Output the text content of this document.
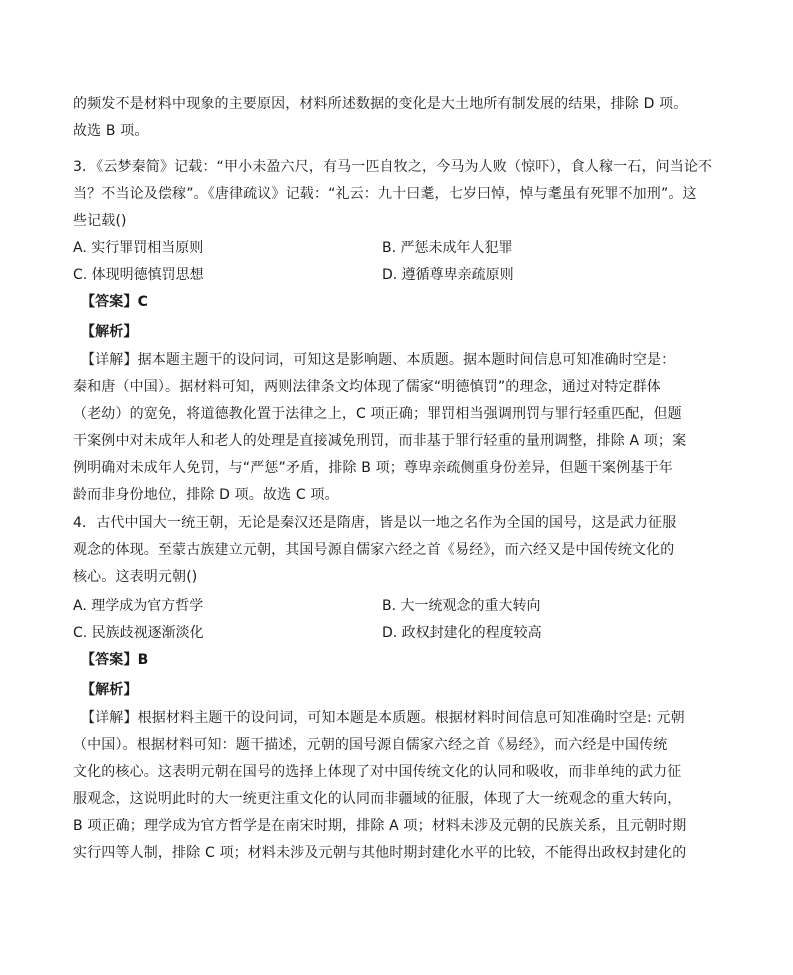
的频发不是材料中现象的主要原因，材料所述数据的变化是大土地所有制发展的结果，排除 D 项。
故选 B 项。
3．《云梦秦简》记载：“甲小未盈六尺，有马一匹自牧之，今马为人败（惊吓），食人稼一石，问当论不
当？不当论及偿稼”。《唐律疏议》记载：“礼云：九十曰耄，七岁曰悼，悼与耄虽有死罪不加刑”。这
些记载()
A. 实行罪罚相当原则	B. 严惩未成年人犯罪
C. 体现明德慎罚思想	D. 遵循尊卑亲疏原则
【答案】C
【解析】
【详解】据本题主题干的设问词，可知这是影响题、本质题。据本题时间信息可知准确时空是：
秦和唐（中国）。据材料可知，两则法律条文均体现了儒家“明德慎罚”的理念，通过对特定群体
（老幼）的宽免，将道德教化置于法律之上，C 项正确；罪罚相当强调刑罚与罪行轻重匹配，但题
干案例中对未成年人和老人的处理是直接减免刑罚，而非基于罪行轻重的量刑调整，排除 A 项；案
例明确对未成年人免罚，与“严惩”矛盾，排除 B 项；尊卑亲疏侧重身份差异，但题干案例基于年
龄而非身份地位，排除 D 项。故选 C 项。
4．古代中国大一统王朝，无论是秦汉还是隋唐，皆是以一地之名作为全国的国号，这是武力征服
观念的体现。至蒙古族建立元朝，其国号源自儒家六经之首《易经》，而六经又是中国传统文化的
核心。这表明元朝()
A. 理学成为官方哲学	B. 大一统观念的重大转向
C. 民族歧视逐渐淡化	D. 政权封建化的程度较高
【答案】B
【解析】
【详解】根据材料主题干的设问词，可知本题是本质题。根据材料时间信息可知准确时空是: 元朝
（中国）。根据材料可知：题干描述，元朝的国号源自儒家六经之首《易经》，而六经是中国传统
文化的核心。这表明元朝在国号的选择上体现了对中国传统文化的认同和吸收，而非单纯的武力征
服观念，这说明此时的大一统更注重文化的认同而非疆域的征服，体现了大一统观念的重大转向，
B 项正确；理学成为官方哲学是在南宋时期，排除 A 项；材料未涉及元朝的民族关系，且元朝时期
实行四等人制，排除 C 项；材料未涉及元朝与其他时期封建化水平的比较，不能得出政权封建化的
